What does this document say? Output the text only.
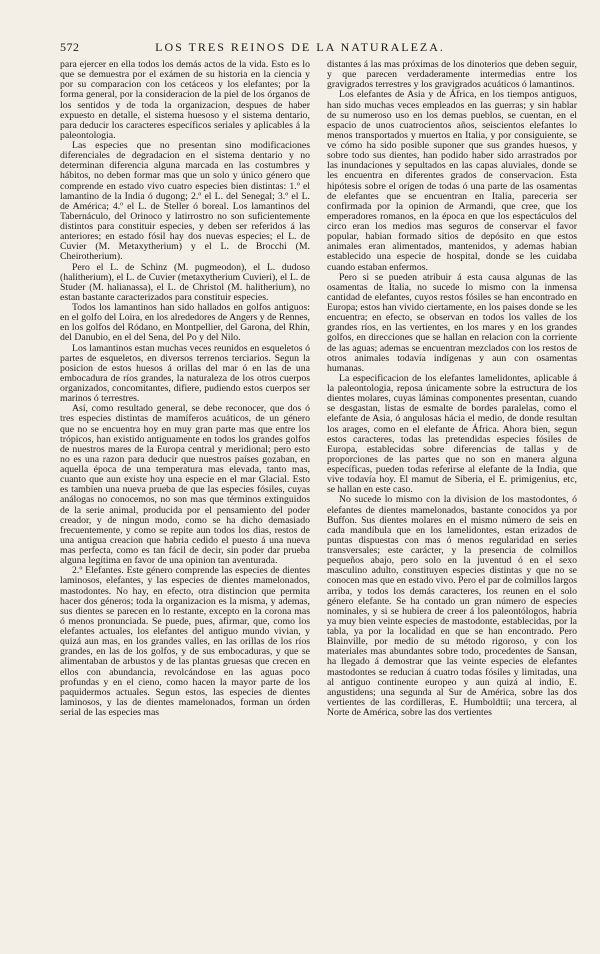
572	LOS TRES REINOS DE LA NATURALEZA.

para ejercer en ella todos los demás actos de la vida. Esto es lo que se demuestra por el exámen de su historia en la ciencia y por su comparacion con los cetáceos y los elefantes; por la forma general, por la consideracion de la piel de los órganos de los sentidos y de toda la organizacion, despues de haber expuesto en detalle, el sistema huesoso y el sistema dentario, para deducir los caracteres específicos seriales y aplicables á la paleontologia.

Las especies que no presentan sino modificaciones diferenciales de degradacion en el sistema dentario y no determinan diferencia alguna marcada en las costumbres y hábitos, no deben formar mas que un solo y único género que comprende en estado vivo cuatro especies bien distintas: 1.º el lamantino de la India ó dugong; 2.º el L. del Senegal; 3.º el L. de América; 4.º el L. de Steller ó boreal. Los lamantinos del Tabernáculo, del Orinoco y latirrostro no son suficientemente distintos para constituir especies, y deben ser referidos á las anteriores; en estado fósil hay dos nuevas especies; el L. de Cuvier (M. Metaxytherium) y el L. de Brocchi (M. Cheirotherium).

Pero el L. de Schinz (M. pugmeodon), el L. dudoso (halitherium), el L. de Cuvier (metaxytherium Cuvieri), el L. de Studer (M. halianassa), el L. de Christol (M. halitherium), no estan bastante caracterizados para constituir especies.

Todos los lamantinos han sido hallados en golfos antiguos: en el golfo del Loira, en los alrededores de Angers y de Rennes, en los golfos del Ródano, en Montpellier, del Garona, del Rhin, del Danubio, en el del Sena, del Po y del Nilo.

Los lamantinos estan muchas veces reunidos en esqueletos ó partes de esqueletos, en diversos terrenos terciarios. Segun la posicion de estos huesos á orillas del mar ó en las de una embocadura de ríos grandes, la naturaleza de los otros cuerpos organizados, concomitantes, difiere, pudiendo estos cuerpos ser marinos ó terrestres.

Así, como resultado general, se debe reconocer, que dos ó tres especies distintas de mamíferos acuáticos, de un género que no se encuentra hoy en muy gran parte mas que entre los trópicos, han existido antiguamente en todos los grandes golfos de nuestros mares de la Europa central y meridional; pero esto no es una razon para deducir que nuestros países gozaban, en aquella época de una temperatura mas elevada, tanto mas, cuanto que aun existe hoy una especie en el mar Glacial. Esto es tambien una nueva prueba de que las especies fósiles, cuyas análogas no conocemos, no son mas que términos extinguidos de la serie animal, producida por el pensamiento del poder creador, y de ningun modo, como se ha dicho demasiado frecuentemente, y como se repite aun todos los dias, restos de una antigua creacion que habria cedido el puesto á una nueva mas perfecta, como es tan fácil de decir, sin poder dar prueba alguna legítima en favor de una opinion tan aventurada.

2.º Elefantes. Este género comprende las especies de dientes laminosos, elefantes, y las especies de dientes mamelonados, mastodontes. No hay, en efecto, otra distincion que permita hacer dos géneros; toda la organizacion es la misma, y ademas, sus dientes se parecen en lo restante, excepto en la corona mas ó menos pronunciada. Se puede, pues, afirmar, que, como los elefantes actuales, los elefantes del antiguo mundo vivian, y quizá aun mas, en los grandes valles, en las orillas de los ríos grandes, en las de los golfos, y de sus embocaduras, y que se alimentaban de arbustos y de las plantas gruesas que crecen en ellos con abundancia, revolcándose en las aguas poco profundas y en el cieno, como hacen la mayor parte de los paquidermos actuales. Segun estos, las especies de dientes laminosos, y las de dientes mamelonados, forman un órden serial de las especies mas

distantes á las mas próximas de los dinoterios que deben seguir, y que parecen verdaderamente intermedias entre los gravigrados terrestres y los gravigrados acuáticos ó lamantinos.

Los elefantes de Asia y de África, en los tiempos antiguos, han sido muchas veces empleados en las guerras; y sin hablar de su numeroso uso en los demas pueblos, se cuentan, en el espacio de unos cuatrocientos años, seiscientos elefantes lo menos transportados y muertos en Italia, y por consiguiente, se ve cómo ha sido posible suponer que sus grandes huesos, y sobre todo sus dientes, han podido haber sido arrastrados por las inundaciones y sepultados en las capas aluviales, donde se les encuentra en diferentes grados de conservacion. Esta hipótesis sobre el orígen de todas ó una parte de las osamentas de elefantes que se encuentran en Italia, pareceria ser confirmada por la opinion de Armandi, que cree, que los emperadores romanos, en la época en que los espectáculos del circo eran los medios mas seguros de conservar el favor popular, habian formado sitios de depósito en que estos animales eran alimentados, mantenidos, y ademas habian establecido una especie de hospital, donde se les cuidaba cuando estaban enfermos.

Pero si se pueden atribuir á esta causa algunas de las osamentas de Italia, no sucede lo mismo con la inmensa cantidad de elefantes, cuyos restos fósiles se han encontrado en Europa; estos han vivido ciertamente, en los paises donde se les encuentra; en efecto, se observan en todos los valles de los grandes ríos, en las vertientes, en los mares y en los grandes golfos, en direcciones que se hallan en relacion con la corriente de las aguas; ademas se encuentran mezclados con los restos de otros animales todavía indígenas y aun con osamentas humanas.

La especificacion de los elefantes lamelidontes, aplicable á la paleontologia, reposa únicamente sobre la estructura de los dientes molares, cuyas láminas componentes presentan, cuando se desgastan, listas de esmalte de bordes paralelas, como el elefante de Asia, ó angulosas hácia el medio, de donde resultan los arages, como en el elefante de África. Ahora bien, segun estos caracteres, todas las pretendidas especies fósiles de Europa, establecidas sobre diferencias de tallas y de proporciones de las partes que no son en manera alguna específicas, pueden todas referirse al elefante de la India, que vive todavía hoy. El mamut de Siberia, el E. primigenius, etc, se hallan en este caso.

No sucede lo mismo con la division de los mastodontes, ó elefantes de dientes mamelonados, bastante conocidos ya por Buffon. Sus dientes molares en el mismo número de seis en cada mandíbula que en los lamelidontes, estan erizados de puntas dispuestas con mas ó menos regularidad en series transversales; este carácter, y la presencia de colmillos pequeños abajo, pero solo en la juventud ó en el sexo masculino adulto, constituyen especies distintas y que no se conocen mas que en estado vivo. Pero el par de colmillos largos arriba, y todos los demás caracteres, los reunen en el solo género elefante. Se ha contado un gran número de especies nominales, y si se hubiera de creer á los paleontólogos, habria ya muy bien veinte especies de mastodonte, establecidas, por la tabla, ya por la localidad en que se han encontrado. Pero Blainville, por medio de su método rigoroso, y con los materiales mas abundantes sobre todo, procedentes de Sansan, ha llegado á demostrar que las veinte especies de elefantes mastodontes se reducian á cuatro todas fósiles y limitadas, una al antiguo continente europeo y aun quizá al indio, E. angustidens; una segunda al Sur de América, sobre las dos vertientes de las cordilleras, E. Humboldtii; una tercera, al Norte de América, sobre las dos vertientes
